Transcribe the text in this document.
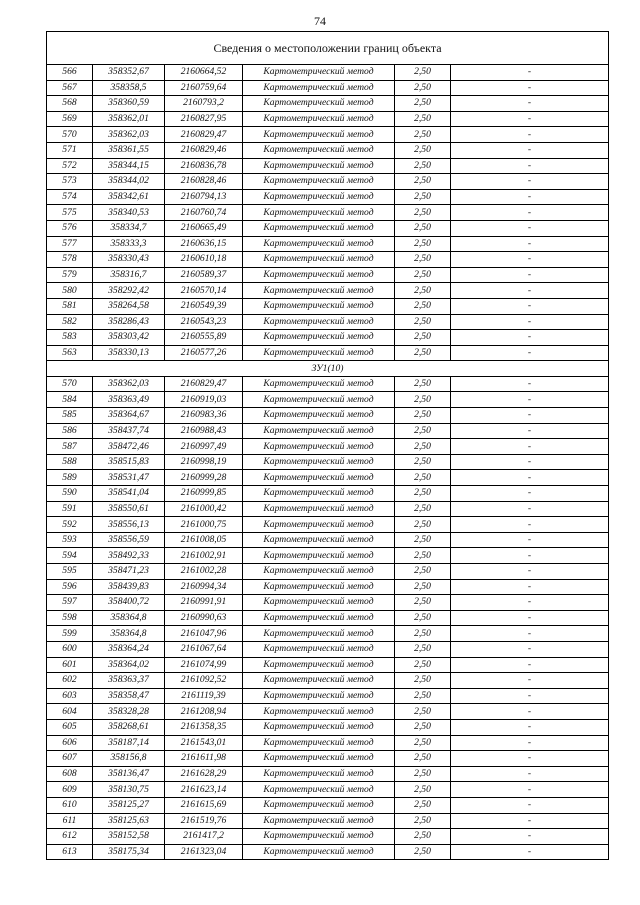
74
Сведения о местоположении границ объекта					
566	358352,67	2160664,52	Картометрический метод	2,50	-
567	358358,5	2160759,64	Картометрический метод	2,50	-
568	358360,59	2160793,2	Картометрический метод	2,50	-
569	358362,01	2160827,95	Картометрический метод	2,50	-
570	358362,03	2160829,47	Картометрический метод	2,50	-
571	358361,55	2160829,46	Картометрический метод	2,50	-
572	358344,15	2160836,78	Картометрический метод	2,50	-
573	358344,02	2160828,46	Картометрический метод	2,50	-
574	358342,61	2160794,13	Картометрический метод	2,50	-
575	358340,53	2160760,74	Картометрический метод	2,50	-
576	358334,7	2160665,49	Картометрический метод	2,50	-
577	358333,3	2160636,15	Картометрический метод	2,50	-
578	358330,43	2160610,18	Картометрический метод	2,50	-
579	358316,7	2160589,37	Картометрический метод	2,50	-
580	358292,42	2160570,14	Картометрический метод	2,50	-
581	358264,58	2160549,39	Картометрический метод	2,50	-
582	358286,43	2160543,23	Картометрический метод	2,50	-
583	358303,42	2160555,89	Картометрический метод	2,50	-
563	358330,13	2160577,26	Картометрический метод	2,50	-
ЗУ1(10)					
570	358362,03	2160829,47	Картометрический метод	2,50	-
584	358363,49	2160919,03	Картометрический метод	2,50	-
585	358364,67	2160983,36	Картометрический метод	2,50	-
586	358437,74	2160988,43	Картометрический метод	2,50	-
587	358472,46	2160997,49	Картометрический метод	2,50	-
588	358515,83	2160998,19	Картометрический метод	2,50	-
589	358531,47	2160999,28	Картометрический метод	2,50	-
590	358541,04	2160999,85	Картометрический метод	2,50	-
591	358550,61	2161000,42	Картометрический метод	2,50	-
592	358556,13	2161000,75	Картометрический метод	2,50	-
593	358556,59	2161008,05	Картометрический метод	2,50	-
594	358492,33	2161002,91	Картометрический метод	2,50	-
595	358471,23	2161002,28	Картометрический метод	2,50	-
596	358439,83	2160994,34	Картометрический метод	2,50	-
597	358400,72	2160991,91	Картометрический метод	2,50	-
598	358364,8	2160990,63	Картометрический метод	2,50	-
599	358364,8	2161047,96	Картометрический метод	2,50	-
600	358364,24	2161067,64	Картометрический метод	2,50	-
601	358364,02	2161074,99	Картометрический метод	2,50	-
602	358363,37	2161092,52	Картометрический метод	2,50	-
603	358358,47	2161119,39	Картометрический метод	2,50	-
604	358328,28	2161208,94	Картометрический метод	2,50	-
605	358268,61	2161358,35	Картометрический метод	2,50	-
606	358187,14	2161543,01	Картометрический метод	2,50	-
607	358156,8	2161611,98	Картометрический метод	2,50	-
608	358136,47	2161628,29	Картометрический метод	2,50	-
609	358130,75	2161623,14	Картометрический метод	2,50	-
610	358125,27	2161615,69	Картометрический метод	2,50	-
611	358125,63	2161519,76	Картометрический метод	2,50	-
612	358152,58	2161417,2	Картометрический метод	2,50	-
613	358175,34	2161323,04	Картометрический метод	2,50	-
